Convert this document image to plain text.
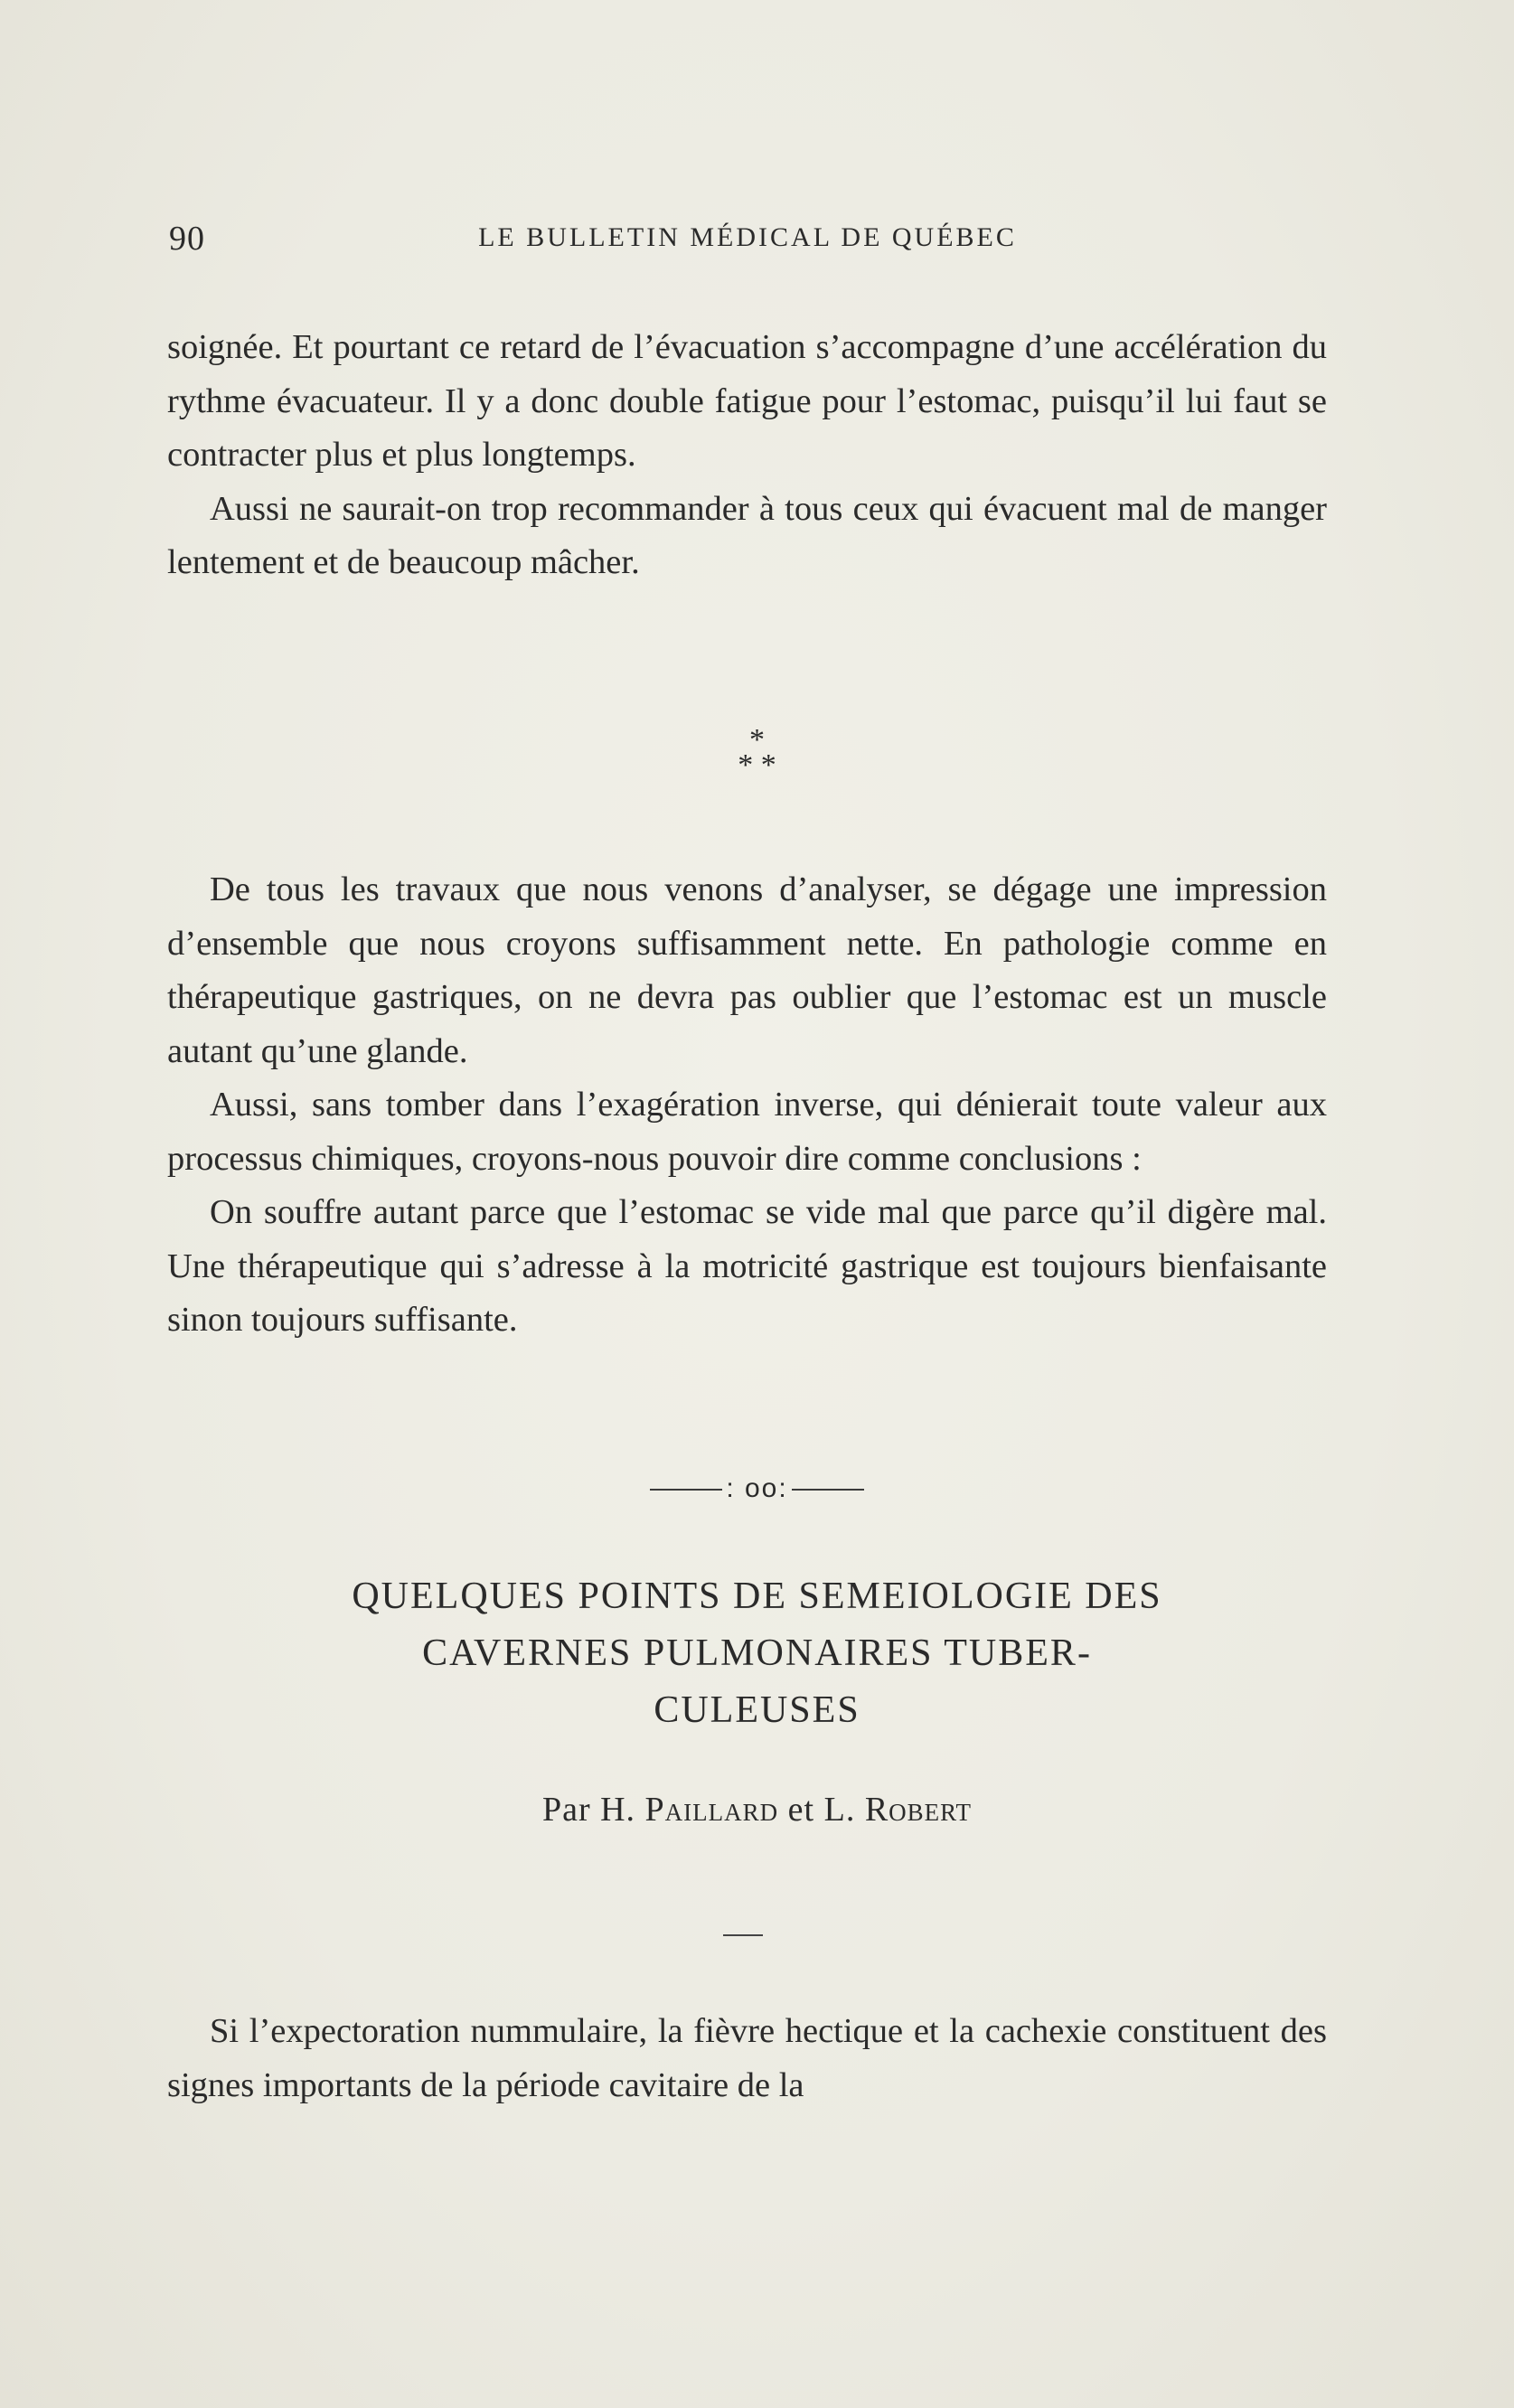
90	LE BULLETIN MÉDICAL DE QUÉBEC

soignée. Et pourtant ce retard de l’évacuation s’accompagne d’une accélération du rythme évacuateur. Il y a donc double fatigue pour l’estomac, puisqu’il lui faut se contracter plus et plus longtemps.

Aussi ne saurait-on trop recommander à tous ceux qui évacuent mal de manger lentement et de beaucoup mâcher.

*
* *

De tous les travaux que nous venons d’analyser, se dégage une impression d’ensemble que nous croyons suffisamment nette. En pathologie comme en thérapeutique gastriques, on ne devra pas oublier que l’estomac est un muscle autant qu’une glande.

Aussi, sans tomber dans l’exagération inverse, qui dénierait toute valeur aux processus chimiques, croyons-nous pouvoir dire comme conclusions :

On souffre autant parce que l’estomac se vide mal que parce qu’il digère mal. Une thérapeutique qui s’adresse à la motricité gastrique est toujours bienfaisante sinon toujours suffisante.

: oo:
QUELQUES POINTS DE SEMEIOLOGIE DES
CAVERNES PULMONAIRES TUBER-
CULEUSES
Par H. Paillard et L. Robert

Si l’expectoration nummulaire, la fièvre hectique et la cachexie constituent des signes importants de la période cavitaire de la
